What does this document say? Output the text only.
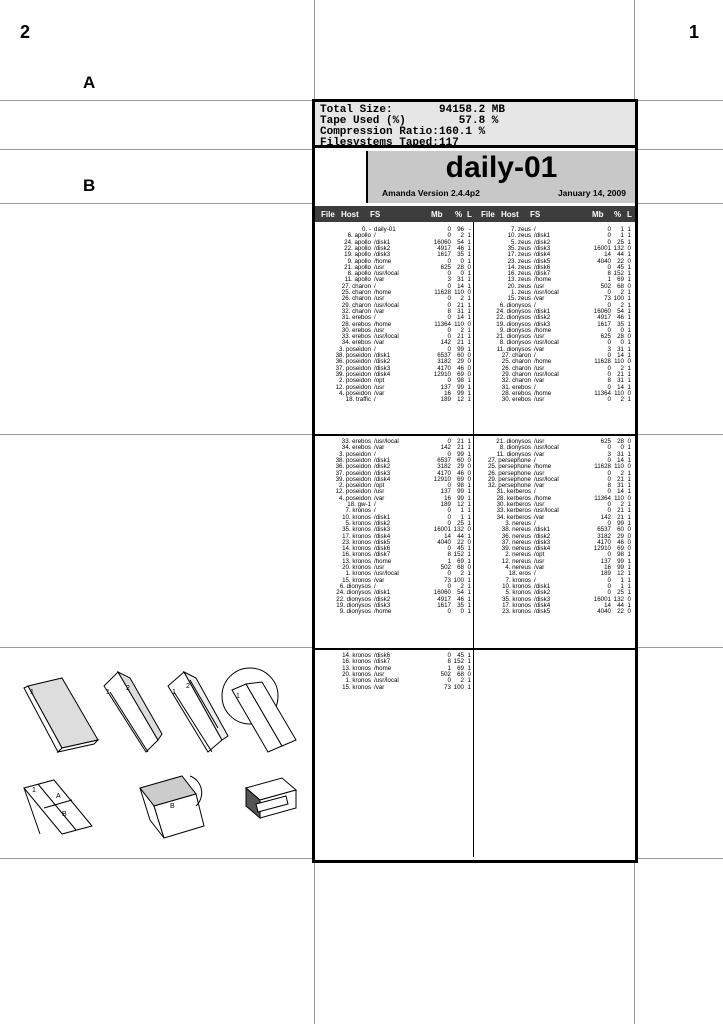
2	1
A
B
Total Size:	94158.2 MB
Tape Used (%)	57.8 %
Compression Ratio: 160.1 %
Filesystems Taped: 117
daily-01
Amanda Version 2.4.4p2	January 14, 2009
File Host FS	Mb % L File Host FS	Mb % L
0. - daily-01	0 96 -
6. apollo /	0	2 1
24. apollo /disk1	16060 54 1
22. apollo /disk2	4917 46 1
19. apollo /disk3	1617 35 1
9. apollo /home	0	0 1
21. apollo /usr	625 28 0
8. apollo /usr/local	0	0 1
11. apollo /var	3 31 1
27. charon /	0 14 1
25. charon /home	11628 110 0
26. charon /usr	0	2 1
29. charon /usr/local	0 21 1
32. charon /var	8 31 1
31. erebos /	0 14 1
28. erebos /home	11364 110 0
30. erebos /usr	0	2 1
33. erebos /usr/local	0 21 1
34. erebos /var	142 21 1
3. poseidon /	0 99 1
38. poseidon /disk1	6537 60 0
36. poseidon /disk2	3182 29 0
37. poseidon /disk3	4170 46 0
39. poseidon /disk4	12910 69 0
2. poseidon /opt	0 98 1
12. poseidon /usr	137 99 1
4. poseidon /var	16 99 1
18. traffic /	189 12 1
7. zeus /	0	1 1
10. zeus /disk1	0	1 1
5. zeus /disk2	0 25 1
35. zeus /disk3	16001 132 0
17. zeus /disk4	14 44 1
23. zeus /disk5	4040 22 0
14. zeus /disk6	0 45 1
16. zeus /disk7	8 152 1
13. zeus /home	1 69 1
20. zeus /usr	502 68 0
1. zeus /usr/local	0	2 1
15. zeus /var	73 100 1
6. dionysos /	0	2 1
24. dionysos /disk1	16060 54 1
22. dionysos /disk2	4917 46 1
19. dionysos /disk3	1617 35 1
9. dionysos /home	0	0 1
21. dionysos /usr	625 28 0
8. dionysos /usr/local	0	0 1
11. dionysos /var	3 31 1
27. charon /	0 14 1
25. charon /home	11628 110 0
26. charon /usr	0	2 1
29. charon /usr/local	0 21 1
32. charon /var	8 31 1
31. erebos /	0 14 1
28. erebos /home	11364 110 0
30. erebos /usr	0	2 1
33. erebos /usr/local	0 21 1
34. erebos /var	142 21 1
3. poseidon /	0 99 1
38. poseidon /disk1	6537 60 0
36. poseidon /disk2	3182 29 0
37. poseidon /disk3	4170 46 0
39. poseidon /disk4	12910 69 0
2. poseidon /opt	0 98 1
12. poseidon /usr	137 99 1
4. poseidon /var	16 99 1
18. gw-1 /	189 12 1
7. kronos /	0	1 1
10. kronos /disk1	0	1 1
5. kronos /disk2	0 25 1
35. kronos /disk3	16001 132 0
17. kronos /disk4	14 44 1
23. kronos /disk5	4040 22 0
14. kronos /disk6	0 45 1
16. kronos /disk7	8 152 1
13. kronos /home	1 69 1
20. kronos /usr	502 68 0
1. kronos /usr/local	0	2 1
15. kronos /var	73 100 1
6. dionysos /	0	2 1
24. dionysos /disk1	16060 54 1
22. dionysos /disk2	4917 46 1
19. dionysos /disk3	1617 35 1
9. dionysos /home	0	0 1
21. dionysos /usr	625 28 0
8. dionysos /usr/local	0	0 1
11. dionysos /var	3 31 1
27. persephone /	0 14 1
25. persephone /home	11628 110 0
26. persephone /usr	0	2 1
29. persephone /usr/local	0 21 1
32. persephone /var	8 31 1
31. kerberos /	0 14 1
28. kerberos /home	11364 110 0
30. kerberos /usr	0	2 1
33. kerberos /usr/local	0 21 1
34. kerberos /var	142 21 1
3. nereus /	0 99 1
38. nereus /disk1	6537 60 0
36. nereus /disk2	3182 29 0
37. nereus /disk3	4170 46 0
39. nereus /disk4	12910 69 0
2. nereus /opt	0 98 1
12. nereus /usr	137 99 1
4. nereus /var	16 99 1
18. eros /	189 12 1
7. kronos /	0	1 1
10. kronos /disk1	0	1 1
5. kronos /disk2	0 25 1
35. kronos /disk3	16001 132 0
17. kronos /disk4	14 44 1
23. kronos /disk5	4040 22 0
14. kronos /disk6	0 45 1
16. kronos /disk7	8 152 1
13. kronos /home	1 69 1
20. kronos /usr	502 68 0
1. kronos /usr/local	0	2 1
15. kronos /var	73 100 1
1	1
2
1
2
1
1
A
B
B
